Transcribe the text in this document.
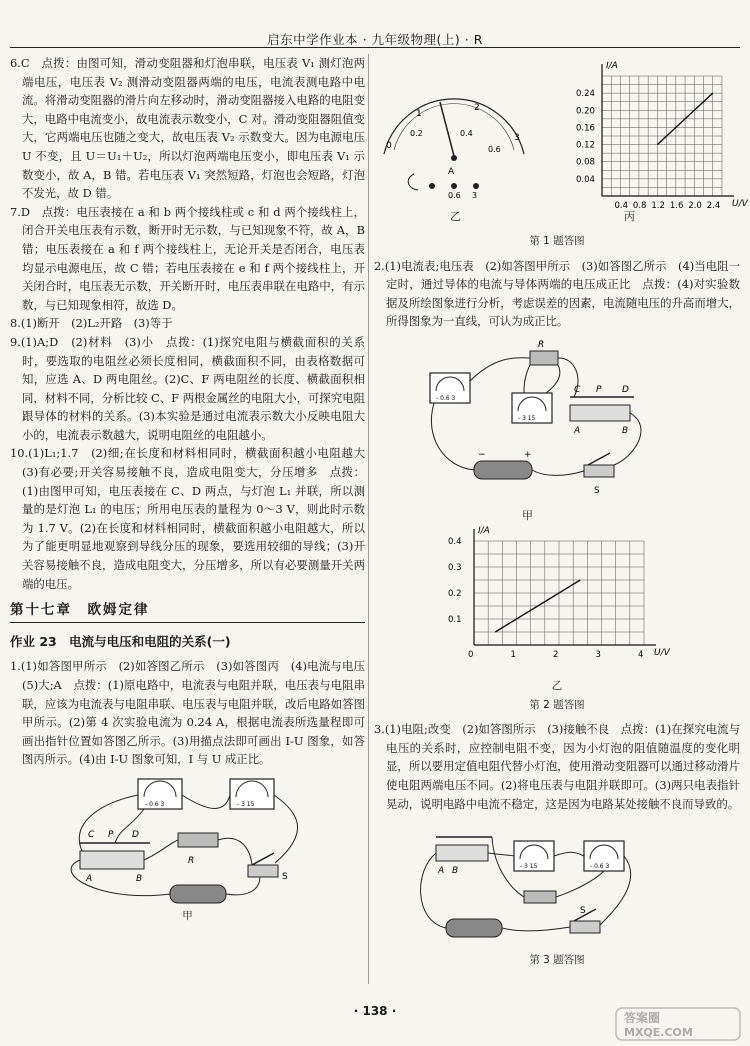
启东中学作业本 · 九年级物理(上) · R

6.C　点拨：由图可知，滑动变阻器和灯泡串联，电压表 V₁ 测灯泡两端电压，电压表 V₂ 测滑动变阻器两端的电压，电流表测电路中电流。将滑动变阻器的滑片向左移动时，滑动变阻器接入电路的电阻变大，电路中电流变小，故电流表示数变小，C 对。滑动变阻器阻值变大，它两端电压也随之变大，故电压表 V₂ 示数变大。因为电源电压 U 不变，且 U＝U₁＋U₂，所以灯泡两端电压变小，即电压表 V₁ 示数变小，故 A，B 错。若电压表 V₁ 突然短路，灯泡也会短路，灯泡不发光，故 D 错。

7.D　点拨：电压表接在 a 和 b 两个接线柱或 c 和 d 两个接线柱上，闭合开关电压表有示数，断开时无示数，与已知现象不符，故 A，B 错；电压表接在 a 和 f 两个接线柱上，无论开关是否闭合，电压表均显示电源电压，故 C 错；若电压表接在 e 和 f 两个接线柱上，开关闭合时，电压表无示数，开关断开时，电压表串联在电路中，有示数，与已知现象相符，故选 D。

8.(1)断开　(2)L₂开路　(3)等于

9.(1)A;D　(2)材料　(3)小　点拨：(1)探究电阻与横截面积的关系时，要选取的电阻丝必须长度相同，横截面积不同，由表格数据可知，应选 A、D 两电阻丝。(2)C、F 两电阻丝的长度、横截面积相同，材料不同，分析比较 C、F 两根金属丝的电阻大小，可探究电阻跟导体的材料的关系。(3)本实验是通过电流表示数大小反映电阻大小的，电流表示数越大，说明电阻丝的电阻越小。

10.(1)L₁;1.7　(2)细;在长度和材料相同时，横截面积越小电阻越大　(3)有必要;开关容易接触不良，造成电阻变大，分压增多　点拨：(1)由图甲可知，电压表接在 C、D 两点，与灯泡 L₁ 并联，所以测量的是灯泡 L₁ 的电压；所用电压表的量程为 0～3 V，则此时示数为 1.7 V。(2)在长度和材料相同时，横截面积越小电阻越大，所以为了能更明显地观察到导线分压的现象，要选用较细的导线；(3)开关容易接触不良，造成电阻变大，分压增多，所以有必要测量开关两端的电压。

第十七章　欧姆定律
作业 23 电流与电压和电阻的关系(一)

1.(1)如答图甲所示　(2)如答图乙所示　(3)如答图丙　(4)电流与电压　(5)大;A　点拨：(1)原电路中，电流表与电阻并联，电压表与电阻串联，应该为电流表与电阻串联、电压表与电阻并联，改后电路如答图甲所示。(2)第 4 次实验电流为 0.24 A，根据电流表所选量程即可画出指针位置如答图乙所示。(3)用描点法即可画出 I-U 图象，如答图丙所示。(4)由 I-U 图象可知，I 与 U 成正比。

- 0.6 3	- 3 15
C P D
A	B
R
S
甲
0
1
2
3
0.2	0.4
0.6
A
0.6 3
乙
I/A
U/V
0.4 0.8 1.2 1.6 2.0 2.4
0.04
0.08
0.12
0.16
0.20
0.24
丙
第 1 题答图

2.(1)电流表;电压表　(2)如答图甲所示　(3)如答图乙所示　(4)当电阻一定时，通过导体的电流与导体两端的电压成正比　点拨：(4)对实验数据及所绘图象进行分析，考虑误差的因素，电流随电压的升高而增大，所得图象为一直线，可认为成正比。

- 0.6 3
- 3 15
R
C P D
A	B
−	+
S
甲
I/A
U/V
0	1	2	3	4
0.1
0.2
0.3
0.4
乙
第 2 题答图

3.(1)电阻;改变　(2)如答图所示　(3)接触不良　点拨：(1)在探究电流与电压的关系时，应控制电阻不变，因为小灯泡的阻值随温度的变化明显，所以要用定值电阻代替小灯泡，使用滑动变阻器可以通过移动滑片使电阻两端电压不同。(2)将电压表与电阻并联即可。(3)两只电表指针晃动，说明电路中电流不稳定，这是因为电路某处接触不良而导致的。

A B	- 3 15	- 0.6 3
S
第 3 题答图
· 138 ·	答案圈
MXQE.COM
